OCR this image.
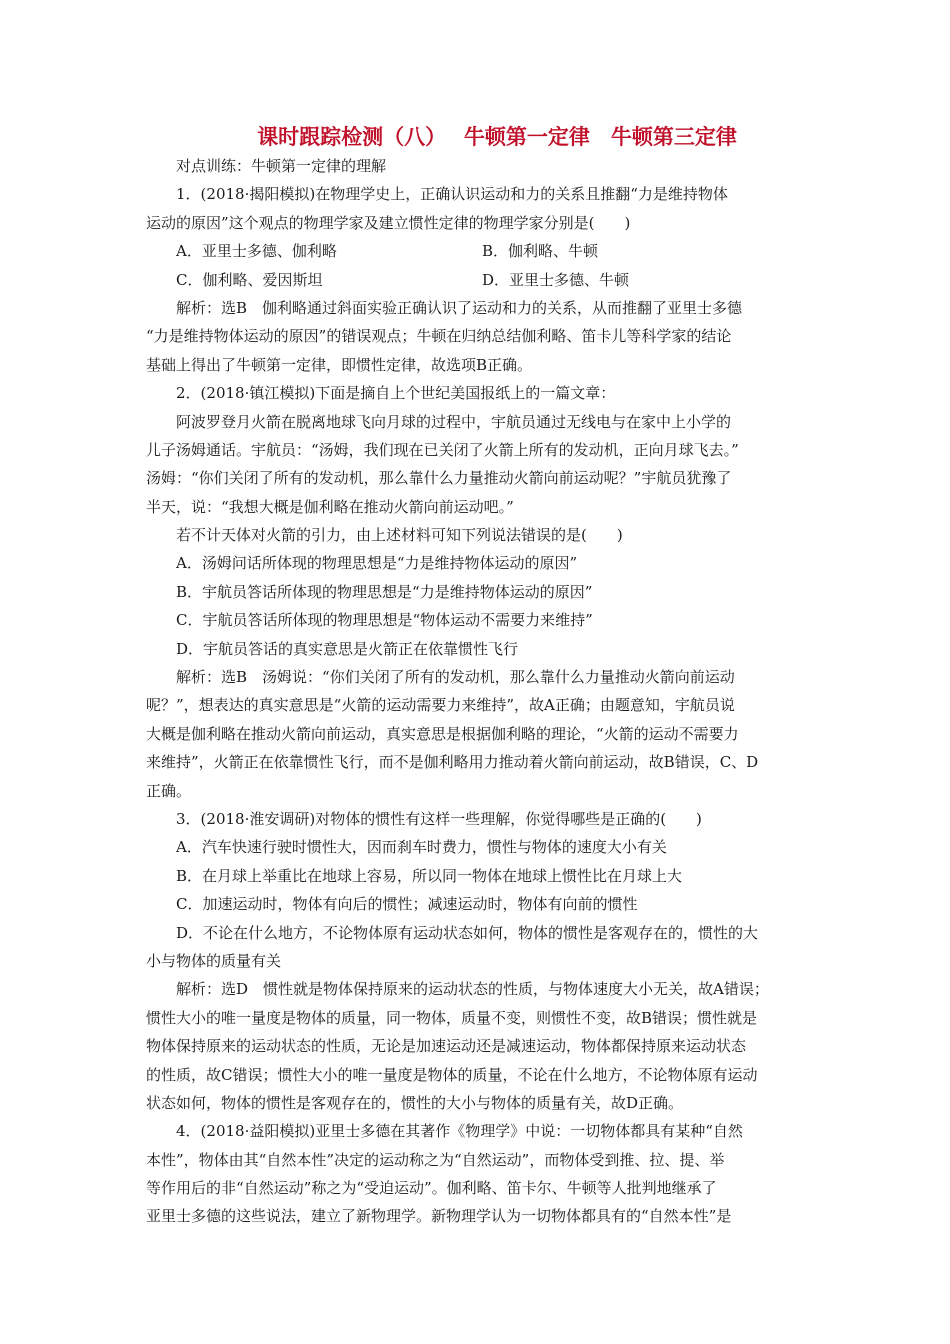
课时跟踪检测（八）　 牛顿第一定律　牛顿第三定律
对点训练：牛顿第一定律的理解
1．(2018·揭阳模拟)在物理学史上，正确认识运动和力的关系且推翻“力是维持物体
运动的原因”这个观点的物理学家及建立惯性定律的物理学家分别是(　　)
A．亚里士多德、伽利略	B．伽利略、牛顿
C．伽利略、爱因斯坦	D．亚里士多德、牛顿
解析：选B　伽利略通过斜面实验正确认识了运动和力的关系，从而推翻了亚里士多德
“力是维持物体运动的原因”的错误观点；牛顿在归纳总结伽利略、笛卡儿等科学家的结论
基础上得出了牛顿第一定律，即惯性定律，故选项B正确。
2．(2018·镇江模拟)下面是摘自上个世纪美国报纸上的一篇文章：
阿波罗登月火箭在脱离地球飞向月球的过程中，宇航员通过无线电与在家中上小学的
儿子汤姆通话。宇航员：“汤姆，我们现在已关闭了火箭上所有的发动机，正向月球飞去。”
汤姆：“你们关闭了所有的发动机，那么靠什么力量推动火箭向前运动呢？”宇航员犹豫了
半天，说：“我想大概是伽利略在推动火箭向前运动吧。”
若不计天体对火箭的引力，由上述材料可知下列说法错误的是(　　)
A．汤姆问话所体现的物理思想是“力是维持物体运动的原因”
B．宇航员答话所体现的物理思想是“力是维持物体运动的原因”
C．宇航员答话所体现的物理思想是“物体运动不需要力来维持”
D．宇航员答话的真实意思是火箭正在依靠惯性飞行
解析：选B　汤姆说：“你们关闭了所有的发动机，那么靠什么力量推动火箭向前运动
呢？”，想表达的真实意思是“火箭的运动需要力来维持”，故A正确；由题意知，宇航员说
大概是伽利略在推动火箭向前运动，真实意思是根据伽利略的理论，“火箭的运动不需要力
来维持”，火箭正在依靠惯性飞行，而不是伽利略用力推动着火箭向前运动，故B错误，C、D
正确。
3．(2018·淮安调研)对物体的惯性有这样一些理解，你觉得哪些是正确的(　　)
A．汽车快速行驶时惯性大，因而刹车时费力，惯性与物体的速度大小有关
B．在月球上举重比在地球上容易，所以同一物体在地球上惯性比在月球上大
C．加速运动时，物体有向后的惯性；减速运动时，物体有向前的惯性
D．不论在什么地方，不论物体原有运动状态如何，物体的惯性是客观存在的，惯性的大
小与物体的质量有关
解析：选D　惯性就是物体保持原来的运动状态的性质，与物体速度大小无关，故A错误；
惯性大小的唯一量度是物体的质量，同一物体，质量不变，则惯性不变，故B错误；惯性就是
物体保持原来的运动状态的性质，无论是加速运动还是减速运动，物体都保持原来运动状态
的性质，故C错误；惯性大小的唯一量度是物体的质量，不论在什么地方，不论物体原有运动
状态如何，物体的惯性是客观存在的，惯性的大小与物体的质量有关，故D正确。
4．(2018·益阳模拟)亚里士多德在其著作《物理学》中说：一切物体都具有某种“自然
本性”，物体由其“自然本性”决定的运动称之为“自然运动”，而物体受到推、拉、提、举
等作用后的非“自然运动”称之为“受迫运动”。伽利略、笛卡尔、牛顿等人批判地继承了
亚里士多德的这些说法，建立了新物理学。新物理学认为一切物体都具有的“自然本性”是
